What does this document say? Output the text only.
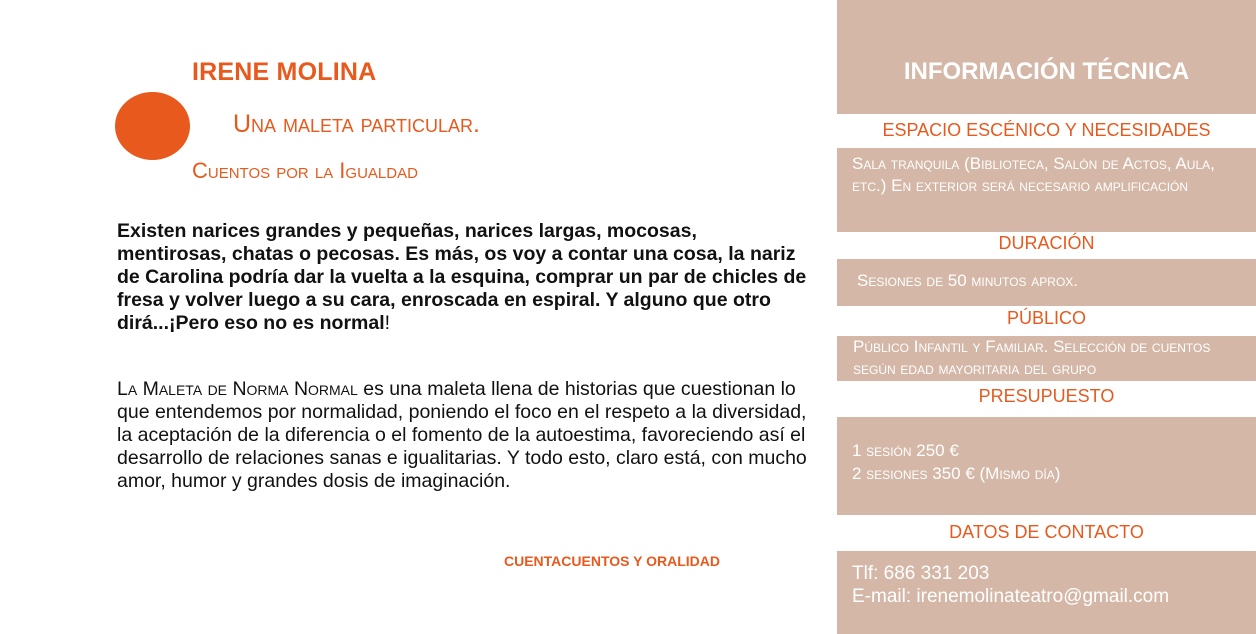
IRENE MOLINA
Una maleta particular.
Cuentos por la Igualdad

Existen narices grandes y pequeñas, narices largas, mocosas, mentirosas, chatas o pecosas. Es más, os voy a contar una cosa, la nariz de Carolina podría dar la vuelta a la esquina, comprar un par de chicles de fresa y volver luego a su cara, enroscada en espiral. Y alguno que otro dirá...¡Pero eso no es normal!

La Maleta de Norma Normal es una maleta llena de historias que cuestionan lo que entendemos por normalidad, poniendo el foco en el respeto a la diversidad, la aceptación de la diferencia o el fomento de la autoestima, favoreciendo así el desarrollo de relaciones sanas e igualitarias. Y todo esto, claro está, con mucho amor, humor y grandes dosis de imaginación.

CUENTACUENTOS Y ORALIDAD
INFORMACIÓN TÉCNICA
ESPACIO ESCÉNICO Y NECESIDADES
Sala tranquila (Biblioteca, Salón de Actos, Aula, etc.) En exterior será necesario amplificación
DURACIÓN
Sesiones de 50 minutos aprox.
PÚBLICO
Público Infantil y Familiar. Selección de cuentos según edad mayoritaria del grupo
PRESUPUESTO
1 sesión 250 €
2 sesiones 350 € (Mismo día)
DATOS DE CONTACTO
Tlf: 686 331 203
E-mail: irenemolinateatro@gmail.com
